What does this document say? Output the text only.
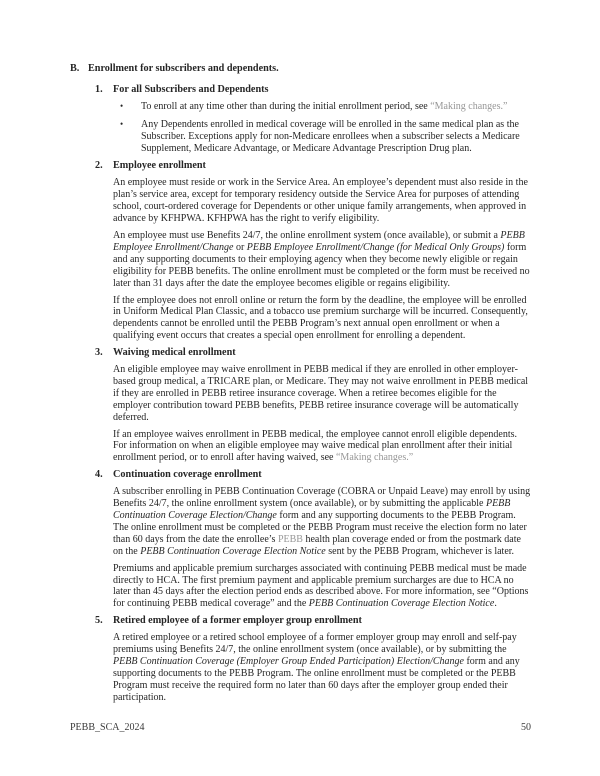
B. Enrollment for subscribers and dependents.
1. For all Subscribers and Dependents
•	To enroll at any time other than during the initial enrollment period, see “Making changes.”

•	Any Dependents enrolled in medical coverage will be enrolled in the same medical plan as the Subscriber. Exceptions apply for non-Medicare enrollees when a subscriber selects a Medicare Supplement, Medicare Advantage, or Medicare Advantage Prescription Drug plan.

2. Employee enrollment

An employee must reside or work in the Service Area. An employee’s dependent must also reside in the plan’s service area, except for temporary residency outside the Service Area for purposes of attending school, court-ordered coverage for Dependents or other unique family arrangements, when approved in advance by KFHPWA. KFHPWA has the right to verify eligibility.

An employee must use Benefits 24/7, the online enrollment system (once available), or submit a PEBB Employee Enrollment/Change or PEBB Employee Enrollment/Change (for Medical Only Groups) form and any supporting documents to their employing agency when they become newly eligible or regain eligibility for PEBB benefits. The online enrollment must be completed or the form must be received no later than 31 days after the date the employee becomes eligible or regains eligibility.

If the employee does not enroll online or return the form by the deadline, the employee will be enrolled in Uniform Medical Plan Classic, and a tobacco use premium surcharge will be incurred. Consequently, dependents cannot be enrolled until the PEBB Program’s next annual open enrollment or when a qualifying event occurs that creates a special open enrollment for enrolling a dependent.

3. Waiving medical enrollment

An eligible employee may waive enrollment in PEBB medical if they are enrolled in other employer-based group medical, a TRICARE plan, or Medicare. They may not waive enrollment in PEBB medical if they are enrolled in PEBB retiree insurance coverage. When a retiree becomes eligible for the employer contribution toward PEBB benefits, PEBB retiree insurance coverage will be automatically deferred.

If an employee waives enrollment in PEBB medical, the employee cannot enroll eligible dependents. For information on when an eligible employee may waive medical plan enrollment after their initial enrollment period, or to enroll after having waived, see “Making changes.”

4. Continuation coverage enrollment

A subscriber enrolling in PEBB Continuation Coverage (COBRA or Unpaid Leave) may enroll by using Benefits 24/7, the online enrollment system (once available), or by submitting the applicable PEBB Continuation Coverage Election/Change form and any supporting documents to the PEBB Program. The online enrollment must be completed or the PEBB Program must receive the election form no later than 60 days from the date the enrollee’s PEBB health plan coverage ended or from the postmark date on the PEBB Continuation Coverage Election Notice sent by the PEBB Program, whichever is later.

Premiums and applicable premium surcharges associated with continuing PEBB medical must be made directly to HCA. The first premium payment and applicable premium surcharges are due to HCA no later than 45 days after the election period ends as described above. For more information, see “Options for continuing PEBB medical coverage” and the PEBB Continuation Coverage Election Notice.

5. Retired employee of a former employer group enrollment

A retired employee or a retired school employee of a former employer group may enroll and self-pay premiums using Benefits 24/7, the online enrollment system (once available), or by submitting the PEBB Continuation Coverage (Employer Group Ended Participation) Election/Change form and any supporting documents to the PEBB Program. The online enrollment must be completed or the PEBB Program must receive the required form no later than 60 days after the employer group ended their participation.

PEBB_SCA_2024	50
